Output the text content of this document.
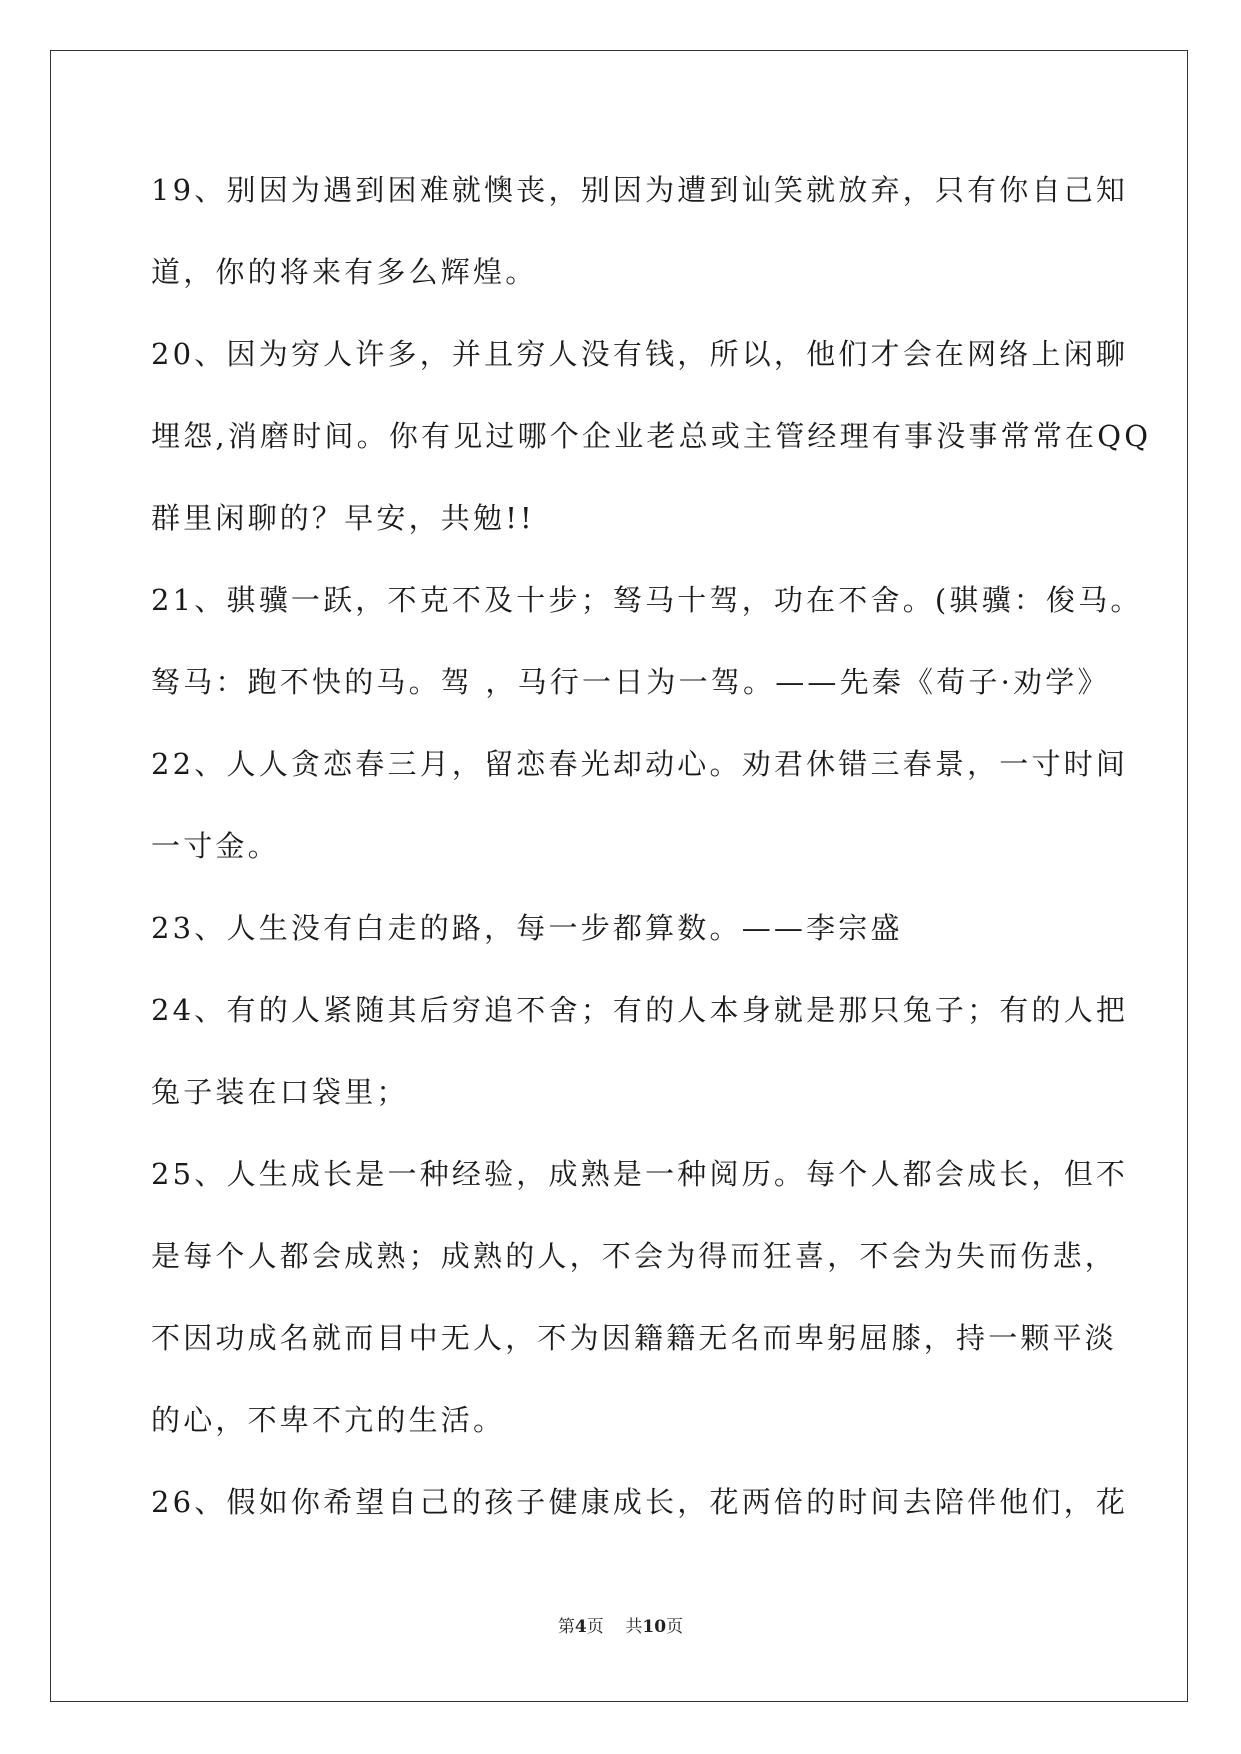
19、别因为遇到困难就懊丧，别因为遭到讪笑就放弃，只有你自己知
道，你的将来有多么辉煌。
20、因为穷人许多，并且穷人没有钱，所以，他们才会在网络上闲聊
埋怨,消磨时间。你有见过哪个企业老总或主管经理有事没事常常在QQ
群里闲聊的？早安，共勉!!
21、骐骥一跃，不克不及十步；驽马十驾，功在不舍。(骐骥：俊马。
驽马：跑不快的马。驾 ，马行一日为一驾。——先秦《荀子·劝学》
22、人人贪恋春三月，留恋春光却动心。劝君休错三春景，一寸时间
一寸金。
23、人生没有白走的路，每一步都算数。——李宗盛
24、有的人紧随其后穷追不舍；有的人本身就是那只兔子；有的人把
兔子装在口袋里；
25、人生成长是一种经验，成熟是一种阅历。每个人都会成长，但不
是每个人都会成熟；成熟的人，不会为得而狂喜，不会为失而伤悲，
不因功成名就而目中无人，不为因籍籍无名而卑躬屈膝，持一颗平淡
的心，不卑不亢的生活。
26、假如你希望自己的孩子健康成长，花两倍的时间去陪伴他们，花
第4页 共10页
